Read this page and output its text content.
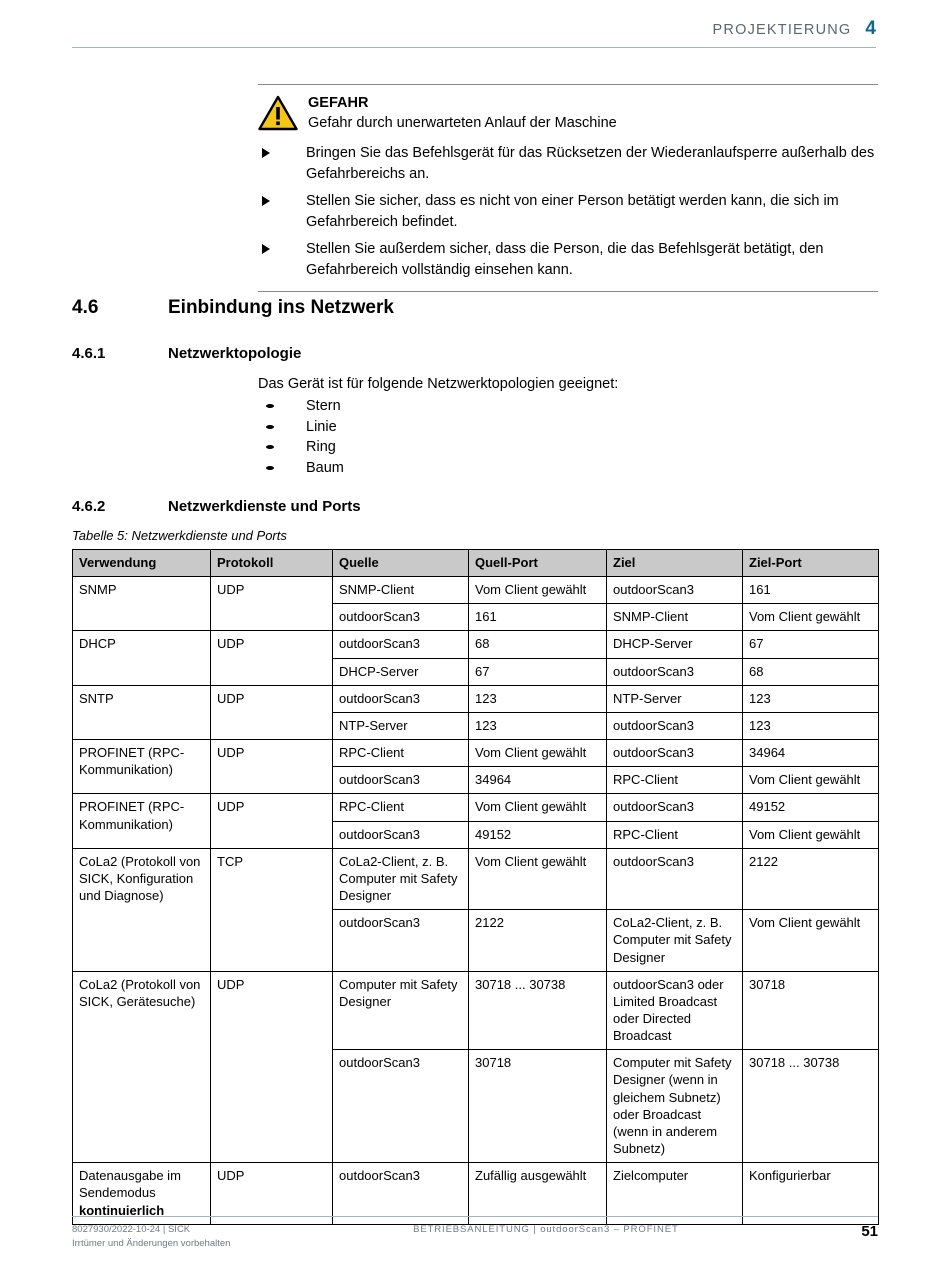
PROJEKTIERUNG 4
GEFAHR
Gefahr durch unerwarteten Anlauf der Maschine
Bringen Sie das Befehlsgerät für das Rücksetzen der Wiederanlaufsperre außerhalb des Gefahrbereichs an.
Stellen Sie sicher, dass es nicht von einer Person betätigt werden kann, die sich im Gefahrbereich befindet.
Stellen Sie außerdem sicher, dass die Person, die das Befehlsgerät betätigt, den Gefahrbereich vollständig einsehen kann.
4.6	Einbindung ins Netzwerk
4.6.1	Netzwerktopologie
Das Gerät ist für folgende Netzwerktopologien geeignet:
Stern
Linie
Ring
Baum
4.6.2	Netzwerkdienste und Ports
Tabelle 5: Netzwerkdienste und Ports
Verwendung	Protokoll	Quelle	Quell-Port	Ziel	Ziel-Port
SNMP	UDP	SNMP-Client	Vom Client gewählt	outdoorScan3	161
		outdoorScan3	161	SNMP-Client	Vom Client gewählt
DHCP	UDP	outdoorScan3	68	DHCP-Server	67
		DHCP-Server	67	outdoorScan3	68
SNTP	UDP	outdoorScan3	123	NTP-Server	123
		NTP-Server	123	outdoorScan3	123
PROFINET (RPC-Kommunikation)	UDP	RPC-Client	Vom Client gewählt	outdoorScan3	34964
		outdoorScan3	34964	RPC-Client	Vom Client gewählt
PROFINET (RPC-Kommunikation)	UDP	RPC-Client	Vom Client gewählt	outdoorScan3	49152
		outdoorScan3	49152	RPC-Client	Vom Client gewählt
CoLa2 (Protokoll von SICK, Konfiguration und Diagnose)	TCP	CoLa2-Client, z. B. Computer mit Safety Designer	Vom Client gewählt	outdoorScan3	2122
		outdoorScan3	2122	CoLa2-Client, z. B. Computer mit Safety Designer	Vom Client gewählt
CoLa2 (Protokoll von SICK, Gerätesuche)	UDP	Computer mit Safety Designer	30718 ... 30738	outdoorScan3 oder Limited Broadcast oder Directed Broadcast	30718
		outdoorScan3	30718	Computer mit Safety Designer (wenn in gleichem Subnetz) oder Broadcast (wenn in anderem Subnetz)	30718 ... 30738
Datenausgabe im Sendemodus kontinuierlich	UDP	outdoorScan3	Zufällig ausgewählt	Zielcomputer	Konfigurierbar
8027930/2022-10-24 | SICK
Irrtümer und Änderungen vorbehalten
BETRIEBSANLEITUNG | outdoorScan3 – PROFINET	51
